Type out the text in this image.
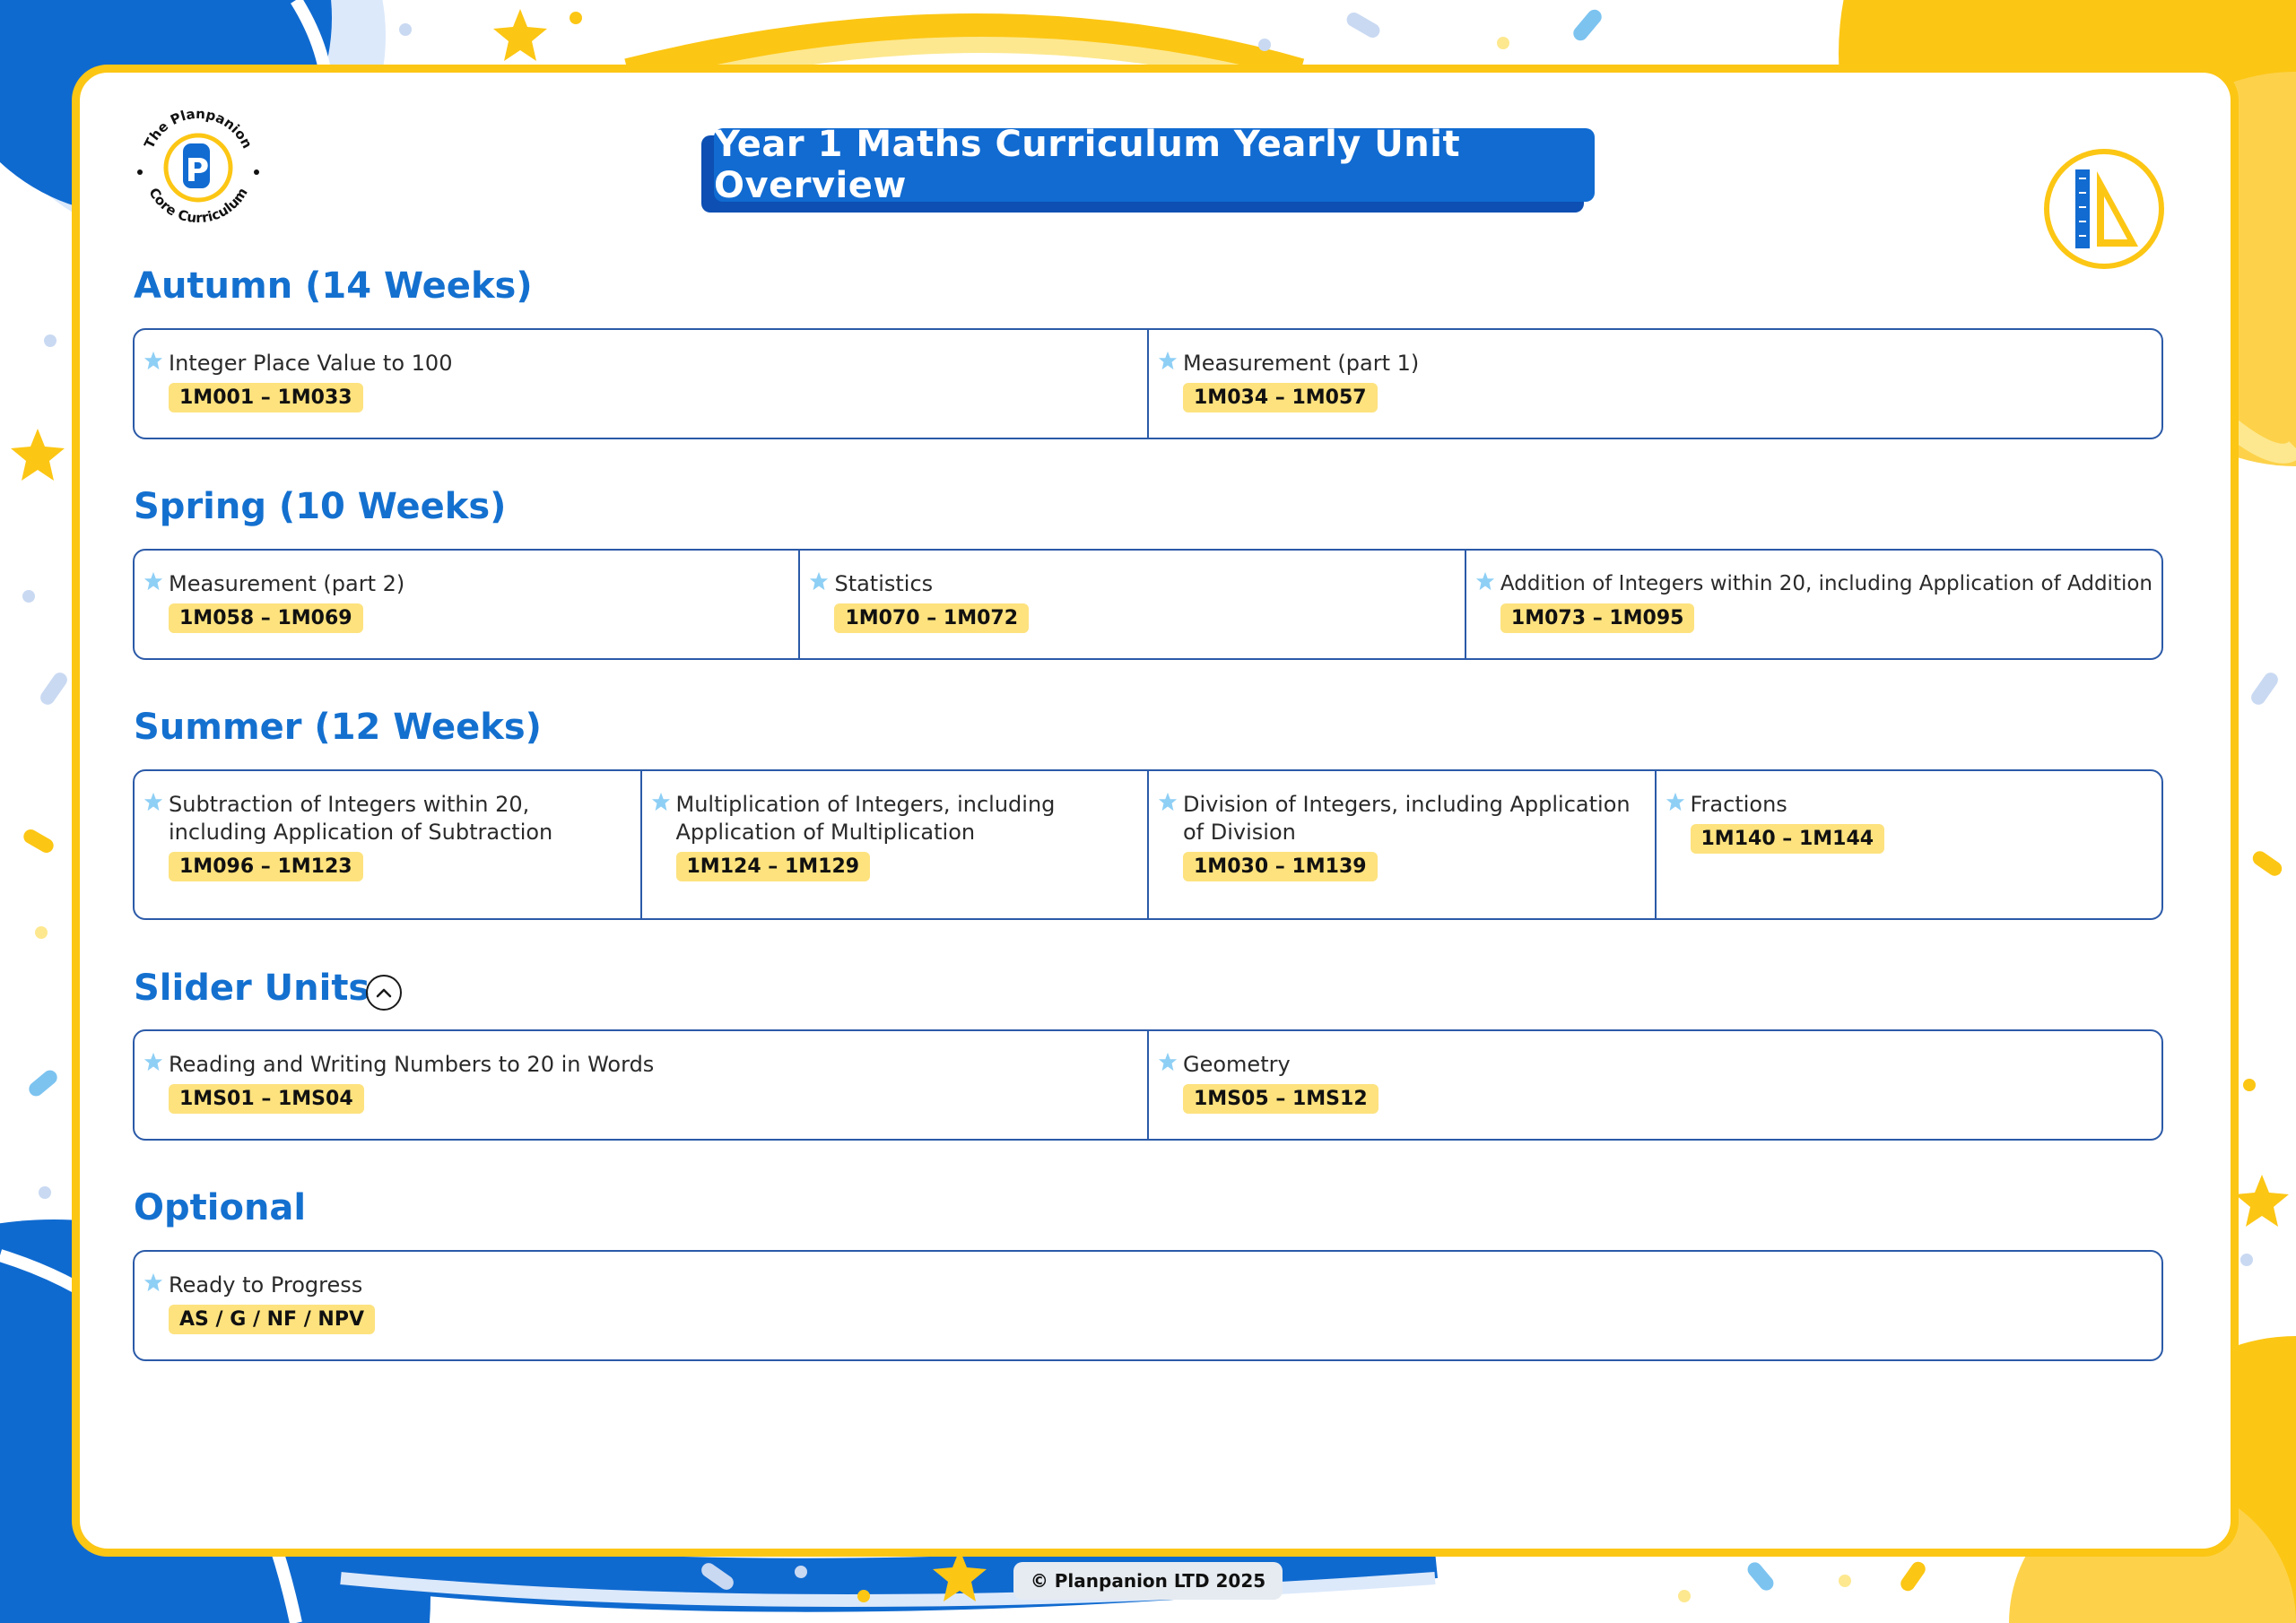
P
The Planpanion
Core Curriculum
Year 1 Maths Curriculum Yearly Unit Overview
Autumn (14 Weeks)
Integer Place Value to 100
1M001 – 1M033
Measurement (part 1)
1M034 – 1M057
Spring (10 Weeks)
Measurement (part 2)
1M058 – 1M069
Statistics
1M070 – 1M072
Addition of Integers within 20, including Application of Addition
1M073 – 1M095
Summer (12 Weeks)
Subtraction of Integers within 20, including Application of Subtraction
1M096 – 1M123
Multiplication of Integers, including Application of Multiplication
1M124 – 1M129
Division of Integers, including Application of Division
1M030 – 1M139
Fractions
1M140 – 1M144
Slider Units
Reading and Writing Numbers to 20 in Words
1MS01 – 1MS04
Geometry
1MS05 – 1MS12
Optional
Ready to Progress
AS / G / NF / NPV
© Planpanion LTD 2025
